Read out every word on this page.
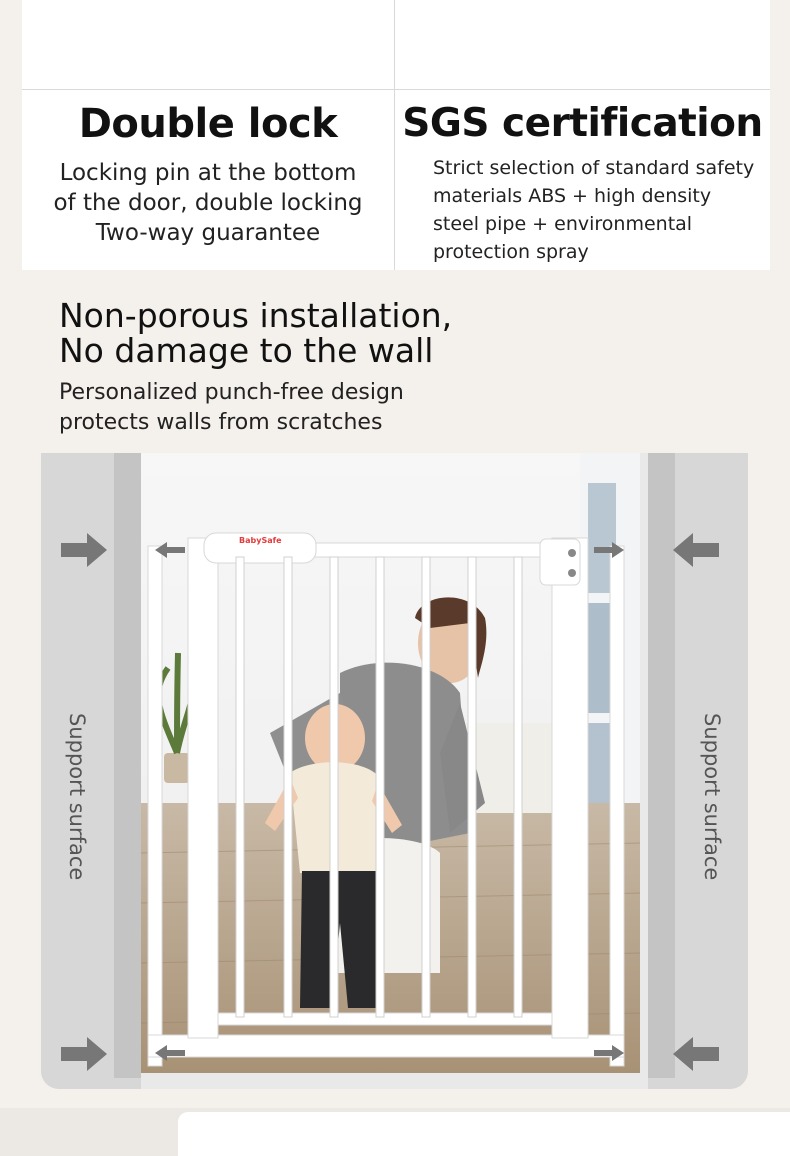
Double lock
Locking pin at the bottom
of the door, double locking
Two-way guarantee
SGS certification
Strict selection of standard safety
materials ABS + high density
steel pipe + environmental
protection spray
Non-porous installation,
No damage to the wall
Personalized punch-free design
protects walls from scratches
BabySafe
Support surface	Support surface
